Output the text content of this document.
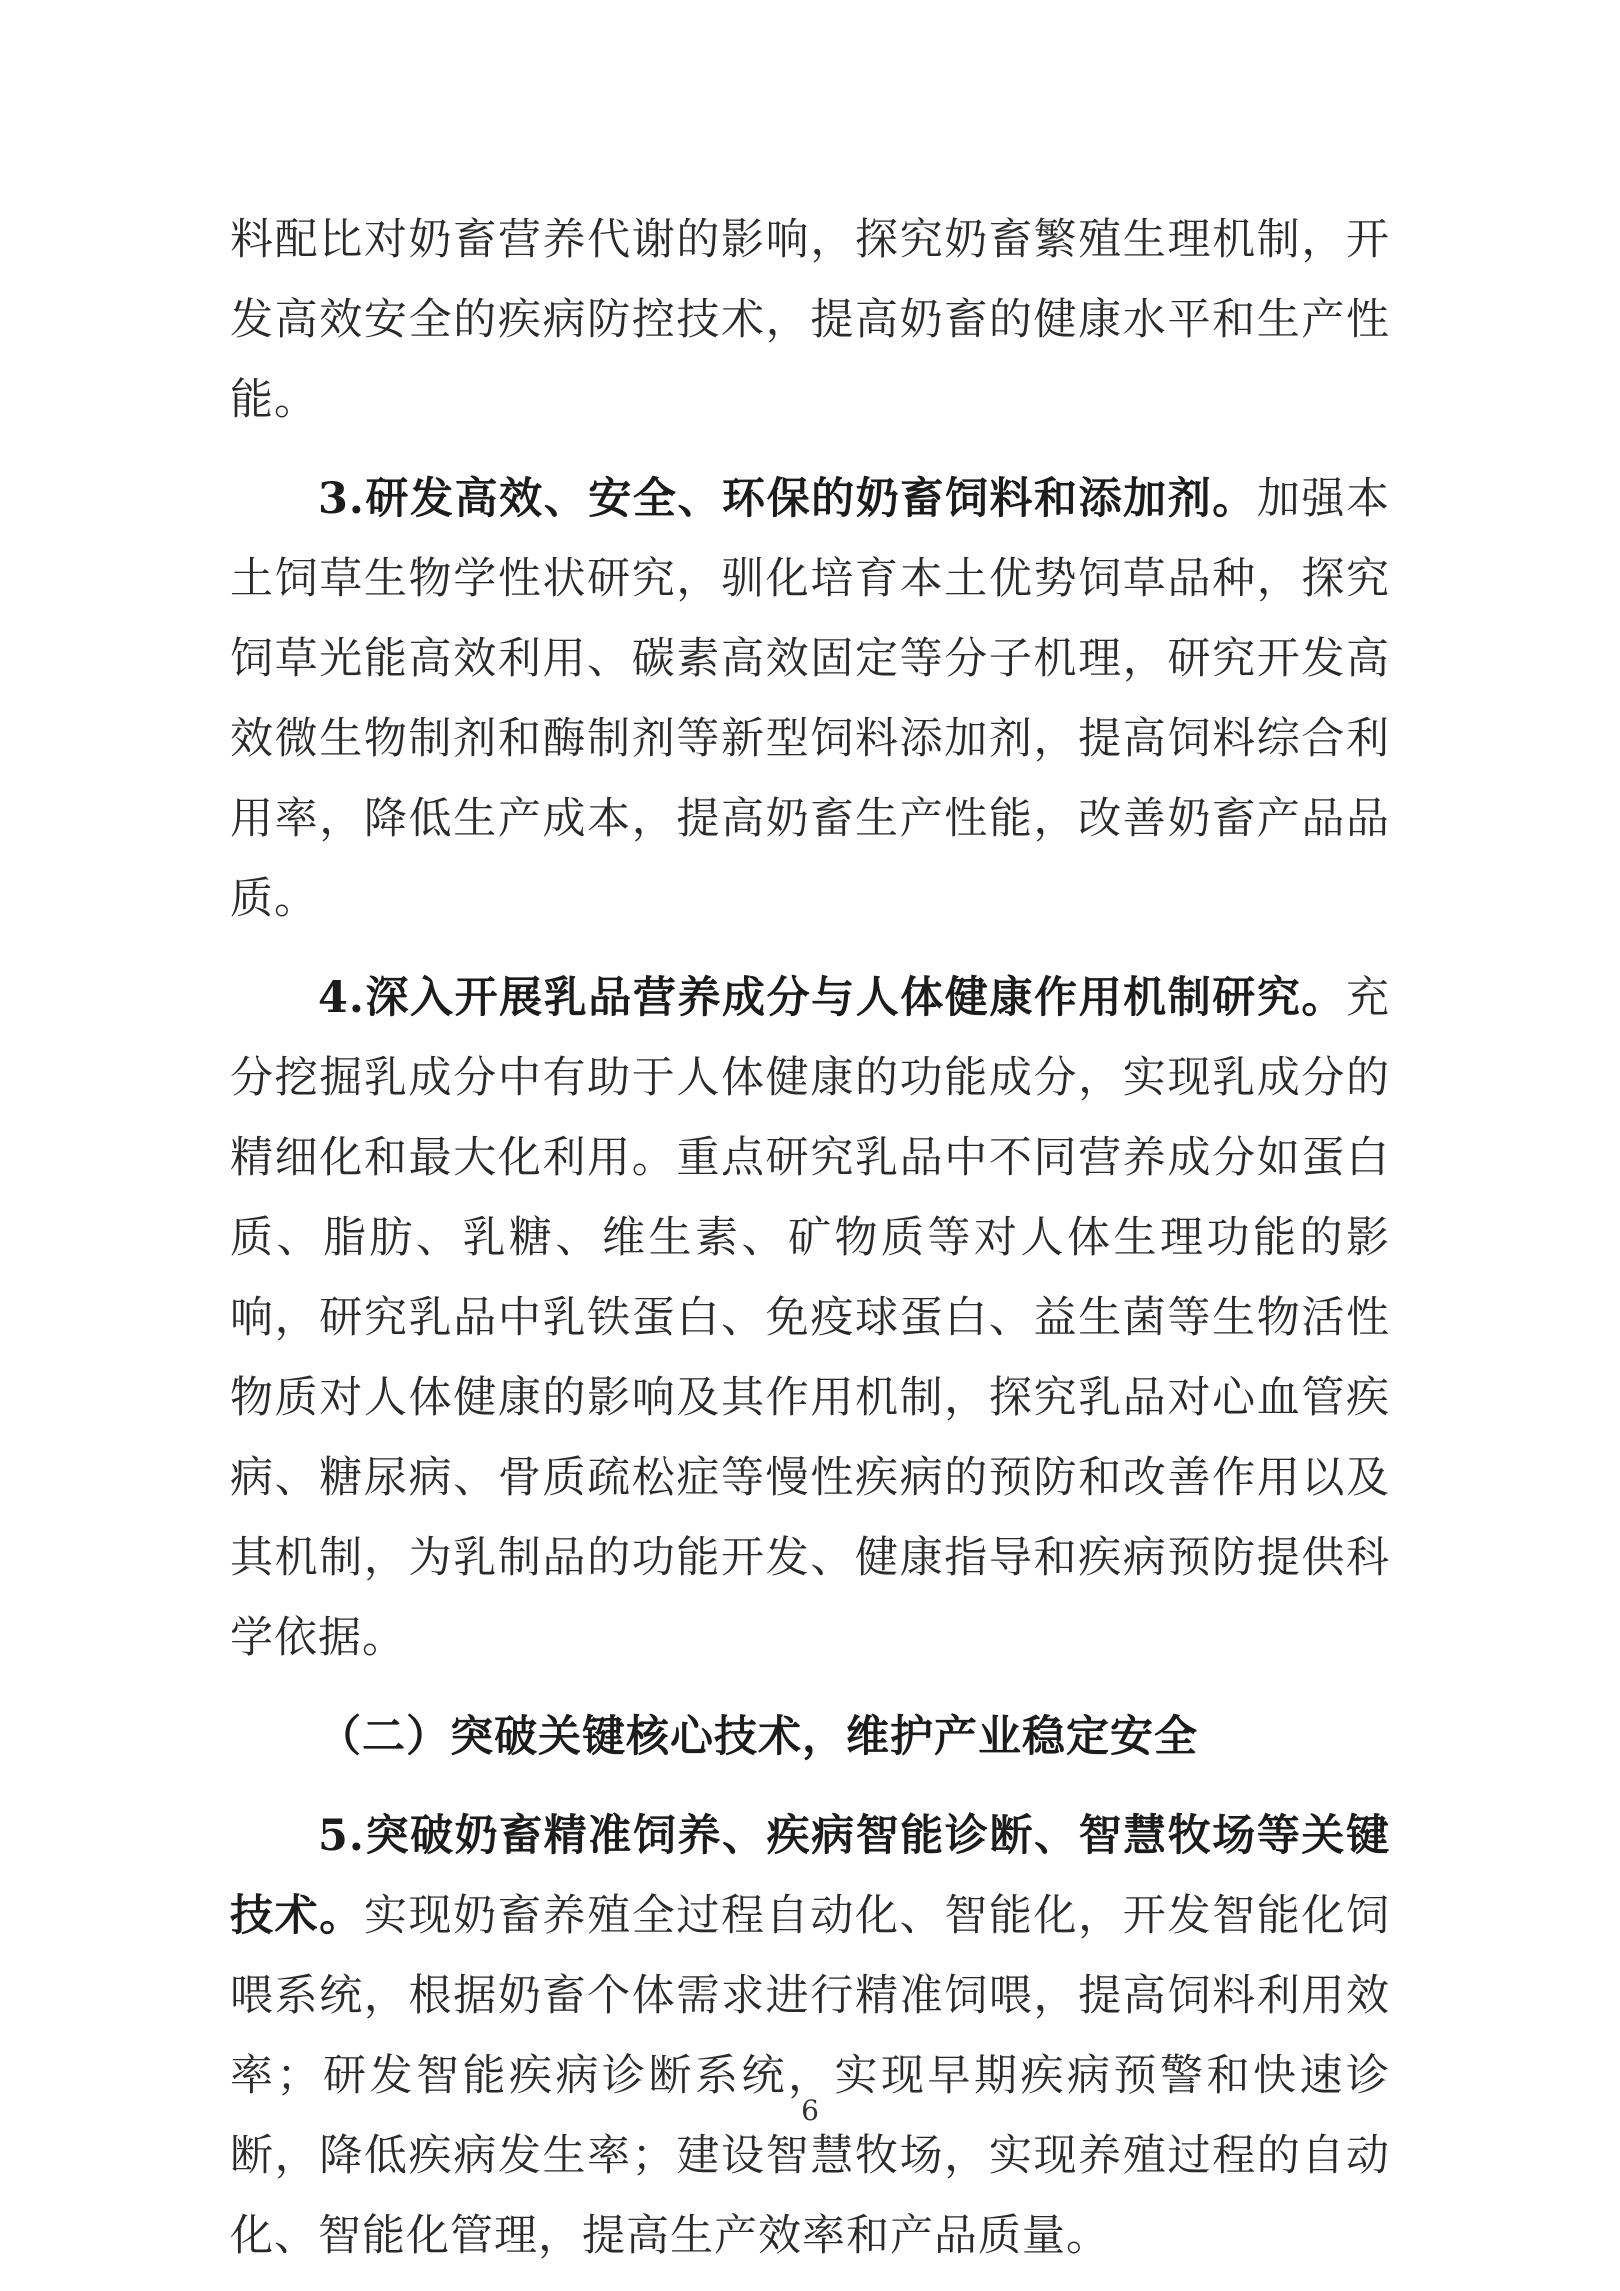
料配比对奶畜营养代谢的影响，探究奶畜繁殖生理机制，开发高效安全的疾病防控技术，提高奶畜的健康水平和生产性能。

3.研发高效、安全、环保的奶畜饲料和添加剂。加强本土饲草生物学性状研究，驯化培育本土优势饲草品种，探究饲草光能高效利用、碳素高效固定等分子机理，研究开发高效微生物制剂和酶制剂等新型饲料添加剂，提高饲料综合利用率，降低生产成本，提高奶畜生产性能，改善奶畜产品品质。

4.深入开展乳品营养成分与人体健康作用机制研究。充分挖掘乳成分中有助于人体健康的功能成分，实现乳成分的精细化和最大化利用。重点研究乳品中不同营养成分如蛋白质、脂肪、乳糖、维生素、矿物质等对人体生理功能的影响，研究乳品中乳铁蛋白、免疫球蛋白、益生菌等生物活性物质对人体健康的影响及其作用机制，探究乳品对心血管疾病、糖尿病、骨质疏松症等慢性疾病的预防和改善作用以及其机制，为乳制品的功能开发、健康指导和疾病预防提供科学依据。

（二）突破关键核心技术，维护产业稳定安全

5.突破奶畜精准饲养、疾病智能诊断、智慧牧场等关键技术。实现奶畜养殖全过程自动化、智能化，开发智能化饲喂系统，根据奶畜个体需求进行精准饲喂，提高饲料利用效率；研发智能疾病诊断系统，实现早期疾病预警和快速诊断，降低疾病发生率；建设智慧牧场，实现养殖过程的自动化、智能化管理，提高生产效率和产品质量。

6
